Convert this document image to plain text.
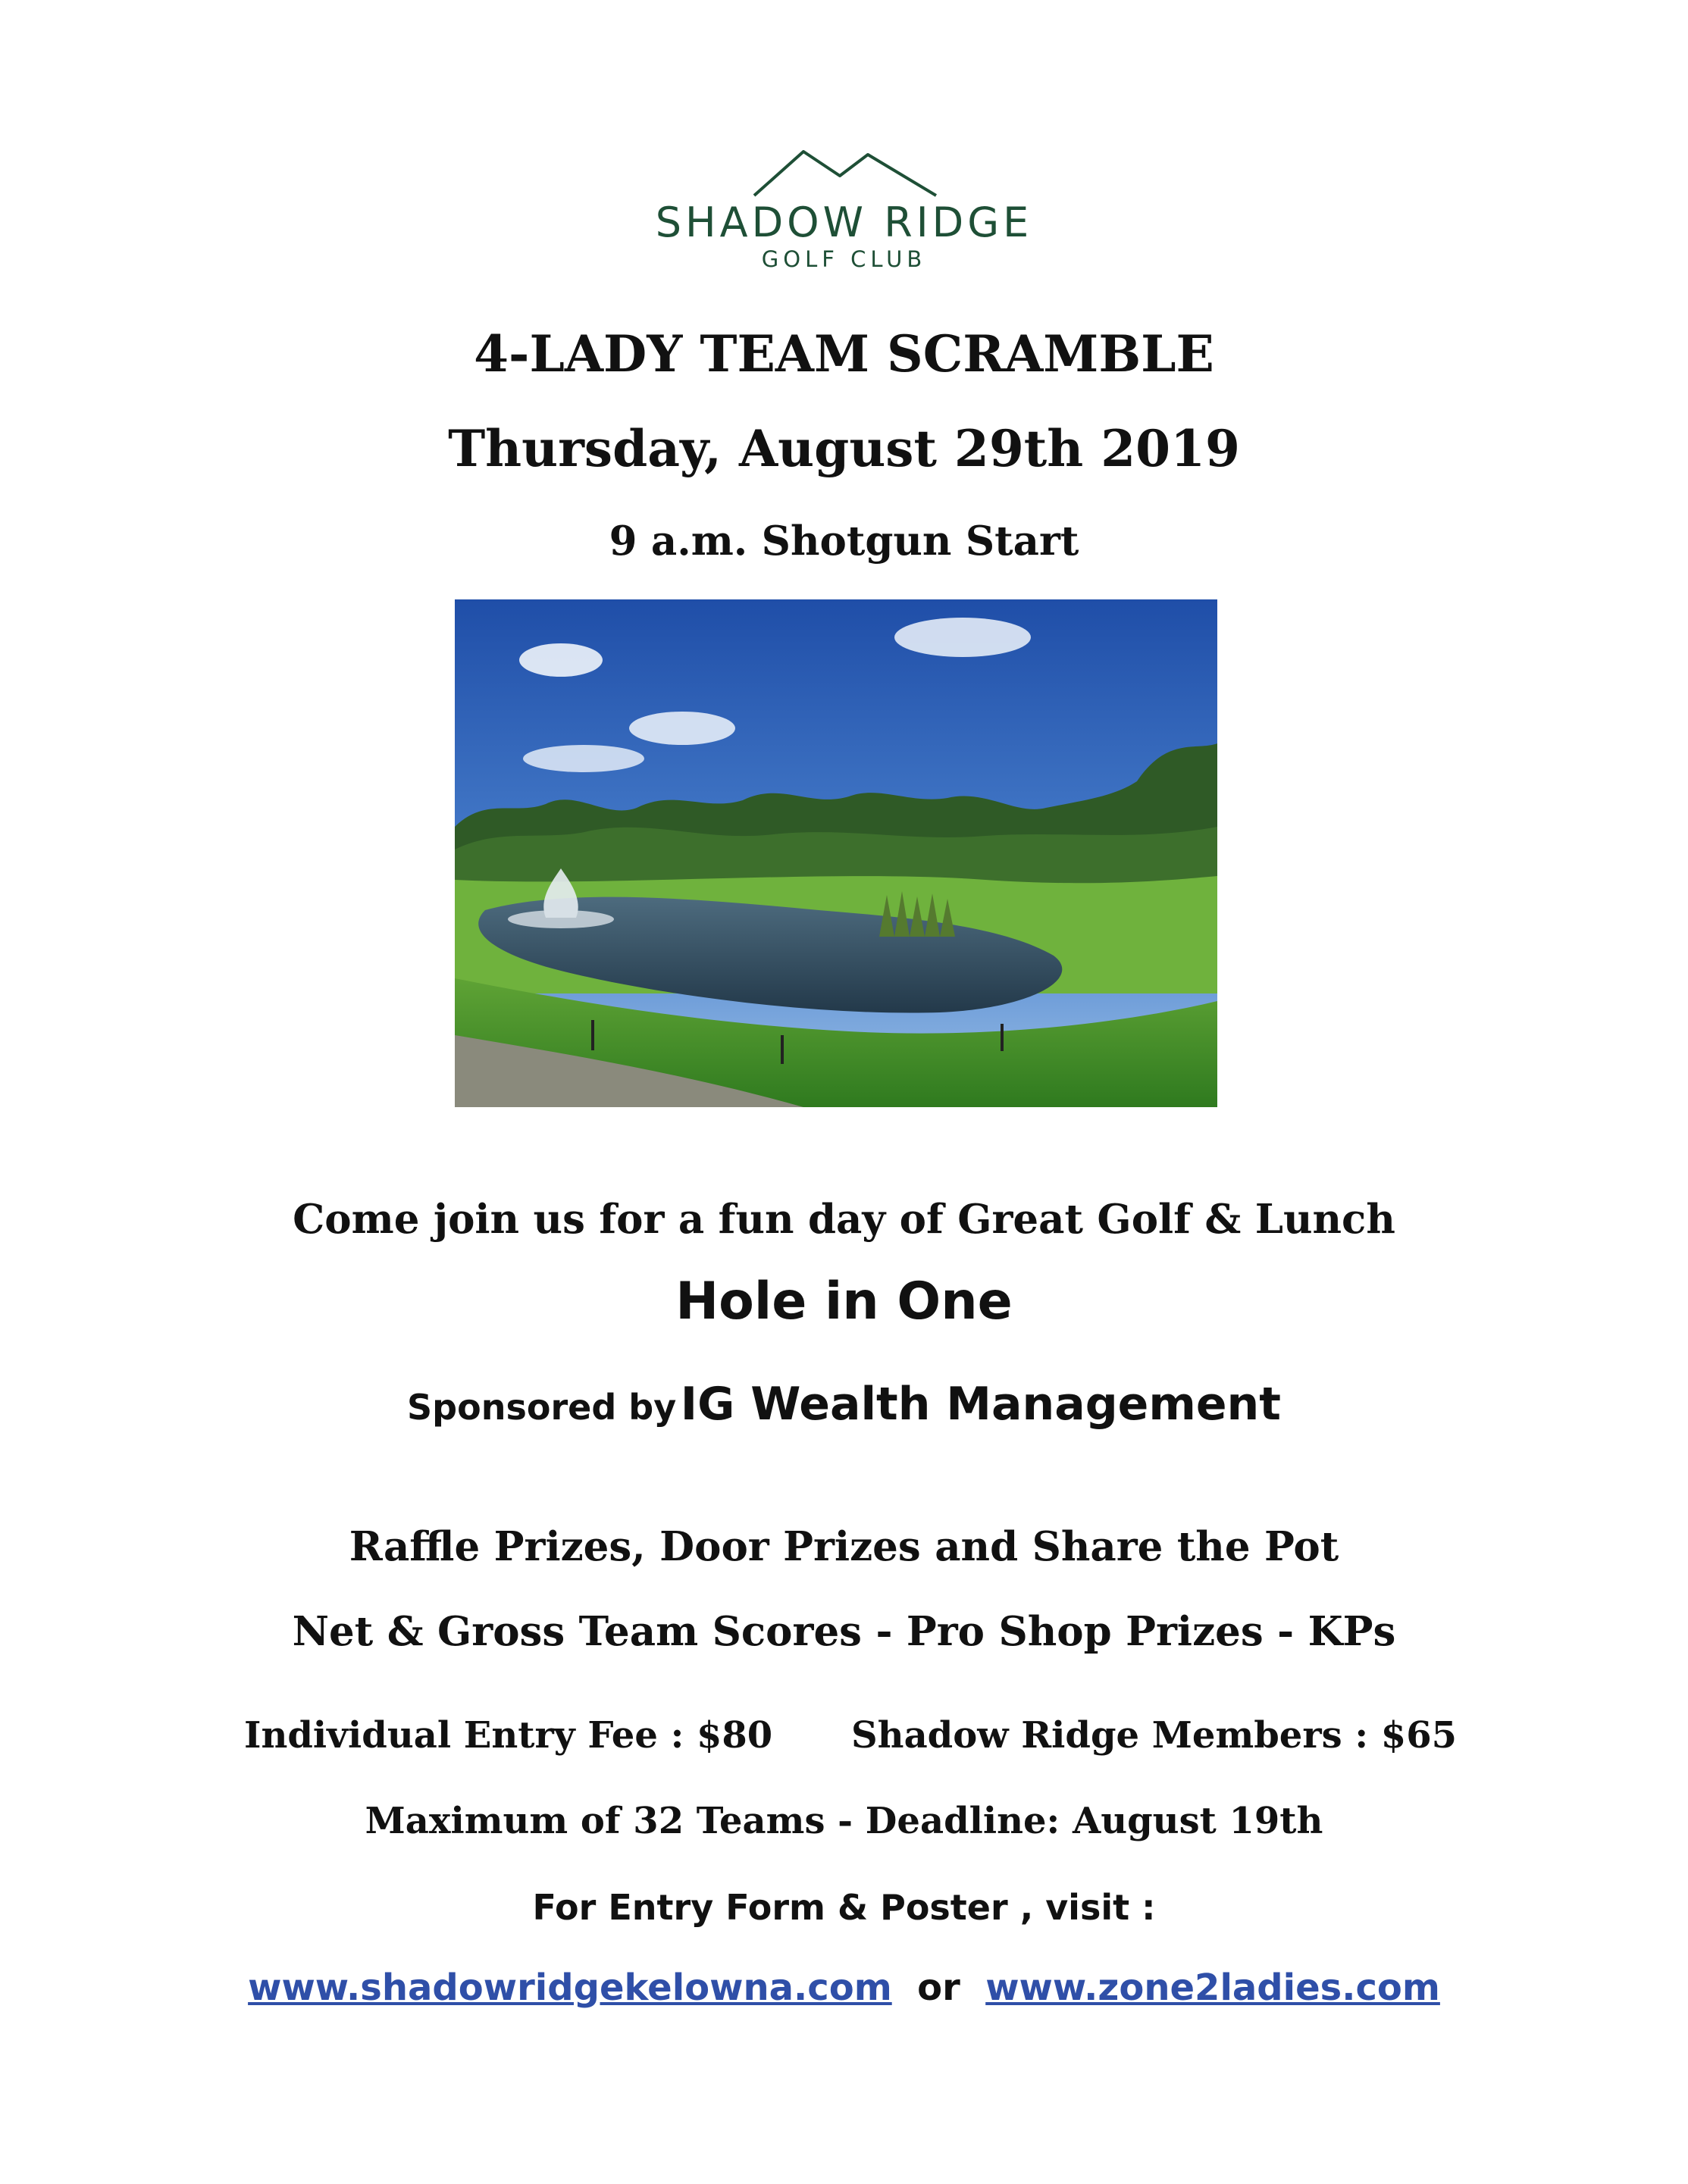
SHADOW RIDGE
GOLF CLUB
4-LADY TEAM SCRAMBLE
Thursday, August 29th 2019
9 a.m. Shotgun Start
Come join us for a fun day of Great Golf & Lunch
Hole in One
Sponsored by IG Wealth Management
Raffle Prizes, Door Prizes and Share the Pot
Net & Gross Team Scores - Pro Shop Prizes - KPs
Individual Entry Fee : $80 Shadow Ridge Members : $65
Maximum of 32 Teams - Deadline: August 19th
For Entry Form & Poster , visit :
www.shadowridgekelowna.com or www.zone2ladies.com
